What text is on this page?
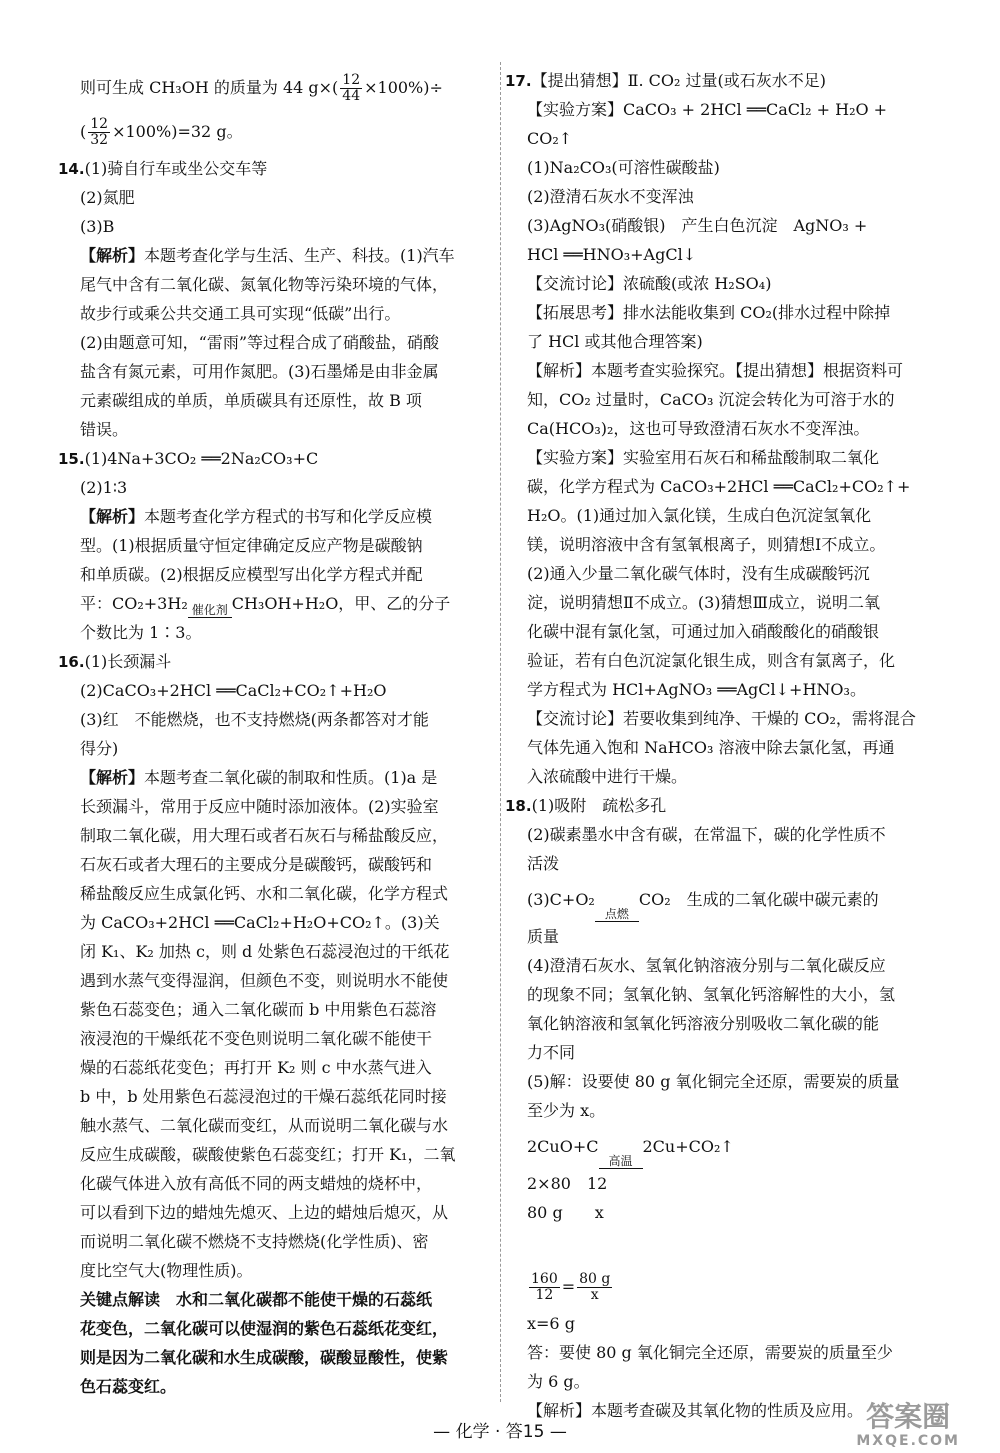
则可生成 CH₃OH 的质量为 44 $g\times( \frac{12}{44} \times 100\%)\div$
( $\frac{12}{32} \times 100\%)=32$ g。
14.(1)骑自行车或坐公交车等
(2)氮肥
(3)B
【解析】本题考查化学与生活、生产、科技。(1)汽车
尾气中含有二氧化碳、氮氧化物等污染环境的气体，
故步行或乘公共交通工具可实现“低碳”出行。
(2)由题意可知，“雷雨”等过程合成了硝酸盐，硝酸
盐含有氮元素，可用作氮肥。(3)石墨烯是由非金属
元素碳组成的单质，单质碳具有还原性，故 B 项
错误。
15.(1)4Na+3CO₂ ══2Na₂CO₃+C
(2)1∶3
【解析】本题考查化学方程式的书写和化学反应模
型。(1)根据质量守恒定律确定反应产物是碳酸钠
和单质碳。(2)根据反应模型写出化学方程式并配
平：CO₂+3H₂ 催化剂 CH₃OH+H₂O，甲、乙的分子
个数比为 1∶3。
16.(1)长颈漏斗
(2)CaCO₃+2HCl ══CaCl₂+CO₂↑+H₂O
(3)红　不能燃烧，也不支持燃烧(两条都答对才能
得分)
【解析】本题考查二氧化碳的制取和性质。(1)a 是
长颈漏斗，常用于反应中随时添加液体。(2)实验室
制取二氧化碳，用大理石或者石灰石与稀盐酸反应，
石灰石或者大理石的主要成分是碳酸钙，碳酸钙和
稀盐酸反应生成氯化钙、水和二氧化碳，化学方程式
为 CaCO₃+2HCl ══CaCl₂+H₂O+CO₂↑。(3)关
闭 K₁、K₂ 加热 c，则 d 处紫色石蕊浸泡过的干纸花
遇到水蒸气变得湿润，但颜色不变，则说明水不能使
紫色石蕊变色；通入二氧化碳而 b 中用紫色石蕊溶
液浸泡的干燥纸花不变色则说明二氧化碳不能使干
燥的石蕊纸花变色；再打开 K₂ 则 c 中水蒸气进入
b 中，b 处用紫色石蕊浸泡过的干燥石蕊纸花同时接
触水蒸气、二氧化碳而变红，从而说明二氧化碳与水
反应生成碳酸，碳酸使紫色石蕊变红；打开 K₁，二氧
化碳气体进入放有高低不同的两支蜡烛的烧杯中，
可以看到下边的蜡烛先熄灭、上边的蜡烛后熄灭，从
而说明二氧化碳不燃烧不支持燃烧(化学性质)、密
度比空气大(物理性质)。
关键点解读　水和二氧化碳都不能使干燥的石蕊纸
花变色，二氧化碳可以使湿润的紫色石蕊纸花变红，
则是因为二氧化碳和水生成碳酸，碳酸显酸性，使紫
色石蕊变红。
17.【提出猜想】Ⅱ. CO₂ 过量(或石灰水不足)
【实验方案】CaCO₃ + 2HCl ══CaCl₂ + H₂O +
CO₂↑
(1)Na₂CO₃(可溶性碳酸盐)
(2)澄清石灰水不变浑浊
(3)AgNO₃(硝酸银)　产生白色沉淀　AgNO₃ +
HCl ══HNO₃+AgCl↓
【交流讨论】浓硫酸(或浓 H₂SO₄)
【拓展思考】排水法能收集到 CO₂(排水过程中除掉
了 HCl 或其他合理答案)
【解析】本题考查实验探究。【提出猜想】根据资料可
知，CO₂ 过量时，CaCO₃ 沉淀会转化为可溶于水的
Ca(HCO₃)₂，这也可导致澄清石灰水不变浑浊。
【实验方案】实验室用石灰石和稀盐酸制取二氧化
碳，化学方程式为 CaCO₃+2HCl ══CaCl₂+CO₂↑+
H₂O。(1)通过加入氯化镁，生成白色沉淀氢氧化
镁，说明溶液中含有氢氧根离子，则猜想Ⅰ不成立。
(2)通入少量二氧化碳气体时，没有生成碳酸钙沉
淀，说明猜想Ⅱ不成立。(3)猜想Ⅲ成立，说明二氧
化碳中混有氯化氢，可通过加入硝酸酸化的硝酸银
验证，若有白色沉淀氯化银生成，则含有氯离子，化
学方程式为 HCl+AgNO₃ ══AgCl↓+HNO₃。
【交流讨论】若要收集到纯净、干燥的 CO₂，需将混合
气体先通入饱和 NaHCO₃ 溶液中除去氯化氢，再通
入浓硫酸中进行干燥。
18.(1)吸附　疏松多孔
(2)碳素墨水中含有碳，在常温下，碳的化学性质不
活泼
(3)C+O₂
点燃
CO₂　生成的二氧化碳中碳元素的
质量
(4)澄清石灰水、氢氧化钠溶液分别与二氧化碳反应
的现象不同；氢氧化钠、氢氧化钙溶解性的大小，氢
氧化钠溶液和氢氧化钙溶液分别吸收二氧化碳的能
力不同
(5)解：设要使 80 g 氧化铜完全还原，需要炭的质量
至少为 x。
2CuO+C
高温
2Cu+CO₂↑
2×80　12
80 g　　x
$\frac{160}{12} = \frac{80 g}{x}$
x=6 g
答：要使 80 g 氧化铜完全还原，需要炭的质量至少
为 6 g。
【解析】本题考查碳及其氧化物的性质及应用。
— 化学 · 答15 —	答案圈
MXQE.COM
